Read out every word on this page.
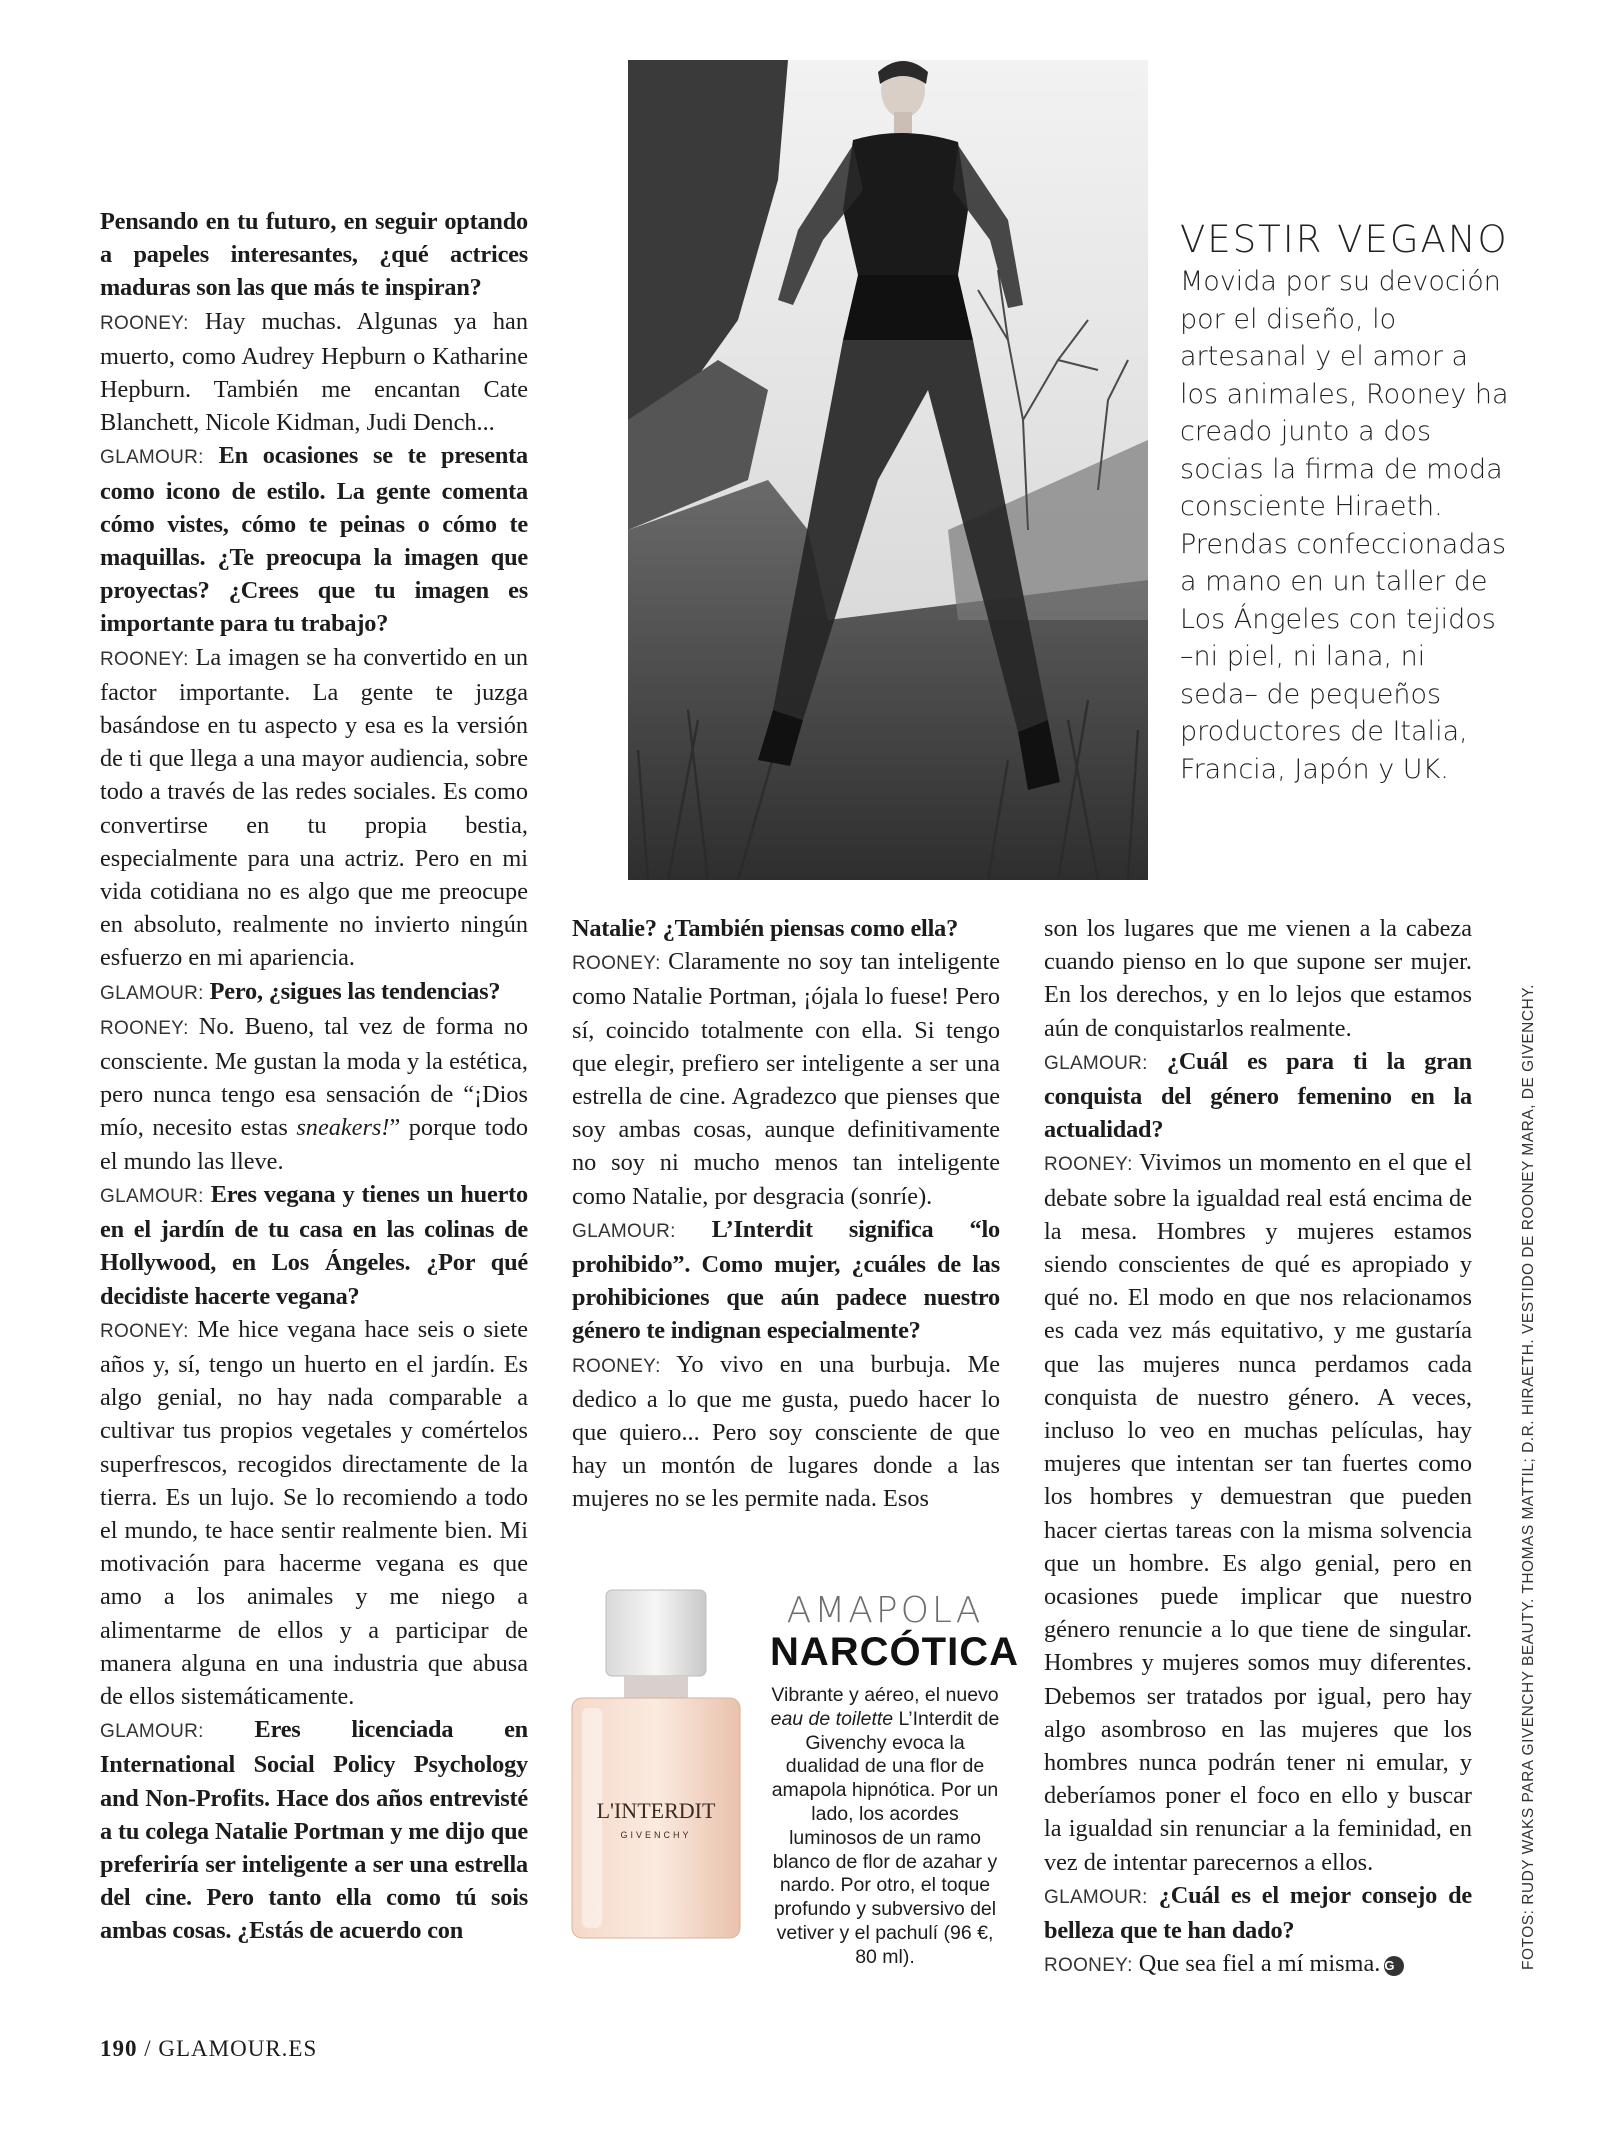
Pensando en tu futuro, en seguir optando a papeles interesantes, ¿qué actrices maduras son las que más te inspiran?

ROONEY: Hay muchas. Algunas ya han muerto, como Audrey Hepburn o Katharine Hepburn. También me encantan Cate Blanchett, Nicole Kidman, Judi Dench...

GLAMOUR: En ocasiones se te presenta como icono de estilo. La gente comenta cómo vistes, cómo te peinas o cómo te maquillas. ¿Te preocupa la imagen que proyectas? ¿Crees que tu imagen es importante para tu trabajo?

ROONEY: La imagen se ha convertido en un factor importante. La gente te juzga basándose en tu aspecto y esa es la versión de ti que llega a una mayor audiencia, sobre todo a través de las redes sociales. Es como convertirse en tu propia bestia, especialmente para una actriz. Pero en mi vida cotidiana no es algo que me preocupe en absoluto, realmente no invierto ningún esfuerzo en mi apariencia.

GLAMOUR: Pero, ¿sigues las tendencias?

ROONEY: No. Bueno, tal vez de forma no consciente. Me gustan la moda y la estética, pero nunca tengo esa sensación de “¡Dios mío, necesito estas sneakers!” porque todo el mundo las lleve.

GLAMOUR: Eres vegana y tienes un huerto en el jardín de tu casa en las colinas de Hollywood, en Los Ángeles. ¿Por qué decidiste hacerte vegana?

ROONEY: Me hice vegana hace seis o siete años y, sí, tengo un huerto en el jardín. Es algo genial, no hay nada comparable a cultivar tus propios vegetales y comértelos superfrescos, recogidos directamente de la tierra. Es un lujo. Se lo recomiendo a todo el mundo, te hace sentir realmente bien. Mi motivación para hacerme vegana es que amo a los animales y me niego a alimentarme de ellos y a participar de manera alguna en una industria que abusa de ellos sistemáticamente.

GLAMOUR: Eres licenciada en International Social Policy Psychology and Non-Profits. Hace dos años entrevisté a tu colega Natalie Portman y me dijo que preferiría ser inteligente a ser una estrella del cine. Pero tanto ella como tú sois ambas cosas. ¿Estás de acuerdo con

VESTIR VEGANO

Movida por su devoción por el diseño, lo artesanal y el amor a los animales, Rooney ha creado junto a dos socias la firma de moda consciente Hiraeth. Prendas confeccionadas a mano en un taller de Los Ángeles con tejidos –ni piel, ni lana, ni seda– de pequeños productores de Italia, Francia, Japón y UK.

Natalie? ¿También piensas como ella?

ROONEY: Claramente no soy tan inteligente como Natalie Portman, ¡ójala lo fuese! Pero sí, coincido totalmente con ella. Si tengo que elegir, prefiero ser inteligente a ser una estrella de cine. Agradezco que pienses que soy ambas cosas, aunque definitivamente no soy ni mucho menos tan inteligente como Natalie, por desgracia (sonríe).

GLAMOUR: L’Interdit significa “lo prohibido”. Como mujer, ¿cuáles de las prohibiciones que aún padece nuestro género te indignan especialmente?

ROONEY: Yo vivo en una burbuja. Me dedico a lo que me gusta, puedo hacer lo que quiero... Pero soy consciente de que hay un montón de lugares donde a las mujeres no se les permite nada. Esos

son los lugares que me vienen a la cabeza cuando pienso en lo que supone ser mujer. En los derechos, y en lo lejos que estamos aún de conquistarlos realmente.

GLAMOUR: ¿Cuál es para ti la gran conquista del género femenino en la actualidad?

ROONEY: Vivimos un momento en el que el debate sobre la igualdad real está encima de la mesa. Hombres y mujeres estamos siendo conscientes de qué es apropiado y qué no. El modo en que nos relacionamos es cada vez más equitativo, y me gustaría que las mujeres nunca perdamos cada conquista de nuestro género. A veces, incluso lo veo en muchas películas, hay mujeres que intentan ser tan fuertes como los hombres y demuestran que pueden hacer ciertas tareas con la misma solvencia que un hombre. Es algo genial, pero en ocasiones puede implicar que nuestro género renuncie a lo que tiene de singular. Hombres y mujeres somos muy diferentes. Debemos ser tratados por igual, pero hay algo asombroso en las mujeres que los hombres nunca podrán tener ni emular, y deberíamos poner el foco en ello y buscar la igualdad sin renunciar a la feminidad, en vez de intentar parecernos a ellos.

GLAMOUR: ¿Cuál es el mejor consejo de belleza que te han dado?

ROONEY: Que sea fiel a mí misma. G

L'INTERDIT
GIVENCHY
AMAPOLA
NARCÓTICA
Vibrante y aéreo, el nuevo eau de toilette L’Interdit de Givenchy evoca la dualidad de una flor de amapola hipnótica. Por un lado, los acordes luminosos de un ramo blanco de flor de azahar y nardo. Por otro, el toque profundo y subversivo del vetiver y el pachulí (96 €, 80 ml).
190 / GLAMOUR.ES
FOTOS: RUDY WAKS PARA GIVENCHY BEAUTY. THOMAS MATTIL; D.R. HIRAETH. VESTIDO DE ROONEY MARA, DE GIVENCHY.
